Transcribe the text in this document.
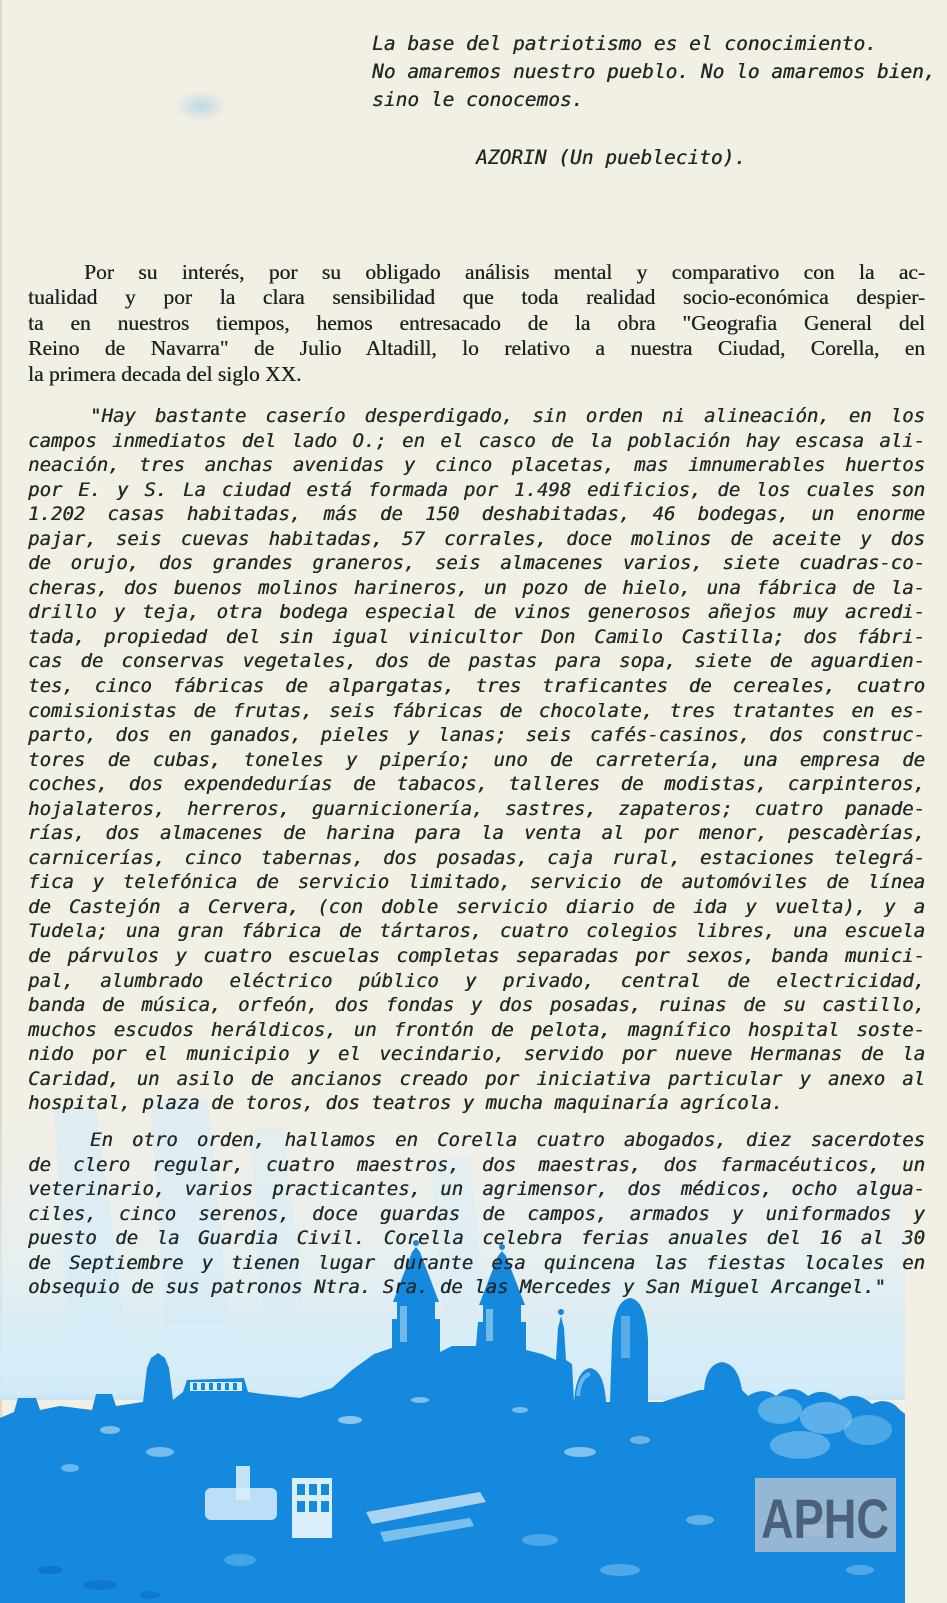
APHC
La base del patriotismo es el conocimiento.
No amaremos nuestro pueblo. No lo amaremos bien,
sino le conocemos.
AZORIN (Un pueblecito).
Por su interés, por su obligado análisis mental y comparativo con la ac-
tualidad y por la clara sensibilidad que toda realidad socio-económica despier-
ta en nuestros tiempos, hemos entresacado de la obra "Geografia General del
Reino de Navarra" de Julio Altadill, lo relativo a nuestra Ciudad, Corella, en
la primera decada del siglo XX.
"Hay bastante caserío desperdigado, sin orden ni alineación, en los
campos inmediatos del lado O.; en el casco de la población hay escasa ali-
neación, tres anchas avenidas y cinco placetas, mas imnumerables huertos
por E. y S. La ciudad está formada por 1.498 edificios, de los cuales son
1.202 casas habitadas, más de 150 deshabitadas, 46 bodegas, un enorme
pajar, seis cuevas habitadas, 57 corrales, doce molinos de aceite y dos
de orujo, dos grandes graneros, seis almacenes varios, siete cuadras-co-
cheras, dos buenos molinos harineros, un pozo de hielo, una fábrica de la-
drillo y teja, otra bodega especial de vinos generosos añejos muy acredi-
tada, propiedad del sin igual vinicultor Don Camilo Castilla; dos fábri-
cas de conservas vegetales, dos de pastas para sopa, siete de aguardien-
tes, cinco fábricas de alpargatas, tres traficantes de cereales, cuatro
comisionistas de frutas, seis fábricas de chocolate, tres tratantes en es-
parto, dos en ganados, pieles y lanas; seis cafés-casinos, dos construc-
tores de cubas, toneles y piperío; uno de carretería, una empresa de
coches, dos expendedurías de tabacos, talleres de modistas, carpinteros,
hojalateros, herreros, guarnicionería, sastres, zapateros; cuatro panade-
rías, dos almacenes de harina para la venta al por menor, pescadèrías,
carnicerías, cinco tabernas, dos posadas, caja rural, estaciones telegrá-
fica y telefónica de servicio limitado, servicio de automóviles de línea
de Castejón a Cervera, (con doble servicio diario de ida y vuelta), y a
Tudela; una gran fábrica de tártaros, cuatro colegios libres, una escuela
de párvulos y cuatro escuelas completas separadas por sexos, banda munici-
pal, alumbrado eléctrico público y privado, central de electricidad,
banda de música, orfeón, dos fondas y dos posadas, ruinas de su castillo,
muchos escudos heráldicos, un frontón de pelota, magnífico hospital soste-
nido por el municipio y el vecindario, servido por nueve Hermanas de la
Caridad, un asilo de ancianos creado por iniciativa particular y anexo al
hospital, plaza de toros, dos teatros y mucha maquinaría agrícola.
En otro orden, hallamos en Corella cuatro abogados, diez sacerdotes
de clero regular, cuatro maestros, dos maestras, dos farmacéuticos, un
veterinario, varios practicantes, un agrimensor, dos médicos, ocho algua-
ciles, cinco serenos, doce guardas de campos, armados y uniformados y
puesto de la Guardia Civil. Corella celebra ferias anuales del 16 al 30
de Septiembre y tienen lugar durante esa quincena las fiestas locales en
obsequio de sus patronos Ntra. Sra. de las Mercedes y San Miguel Arcangel."
